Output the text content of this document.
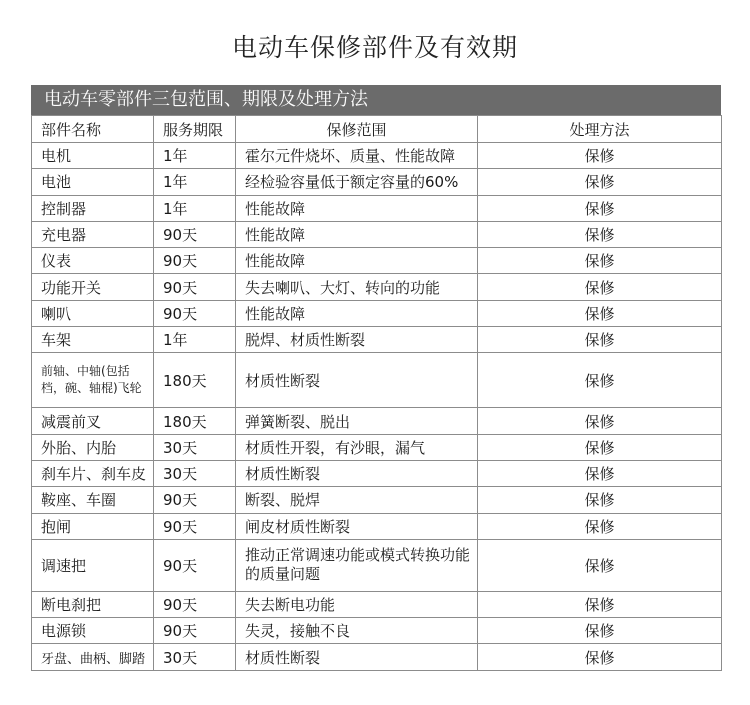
电动车保修部件及有效期
电动车零部件三包范围、期限及处理方法
部件名称	服务期限	保修范围	处理方法
电机	1年	霍尔元件烧坏、质量、性能故障	保修
电池	1年	经检验容量低于额定容量的60%	保修
控制器	1年	性能故障	保修
充电器	90天	性能故障	保修
仪表	90天	性能故障	保修
功能开关	90天	失去喇叭、大灯、转向的功能	保修
喇叭	90天	性能故障	保修
车架	1年	脱焊、材质性断裂	保修
前轴、中轴(包括档，碗、轴棍)飞轮	180天	材质性断裂	保修
减震前叉	180天	弹簧断裂、脱出	保修
外胎、内胎	30天	材质性开裂，有沙眼，漏气	保修
刹车片、刹车皮	30天	材质性断裂	保修
鞍座、车圈	90天	断裂、脱焊	保修
抱闸	90天	闸皮材质性断裂	保修
调速把	90天	推动正常调速功能或模式转换功能的质量问题	保修
断电刹把	90天	失去断电功能	保修
电源锁	90天	失灵，接触不良	保修
牙盘、曲柄、脚踏	30天	材质性断裂	保修
